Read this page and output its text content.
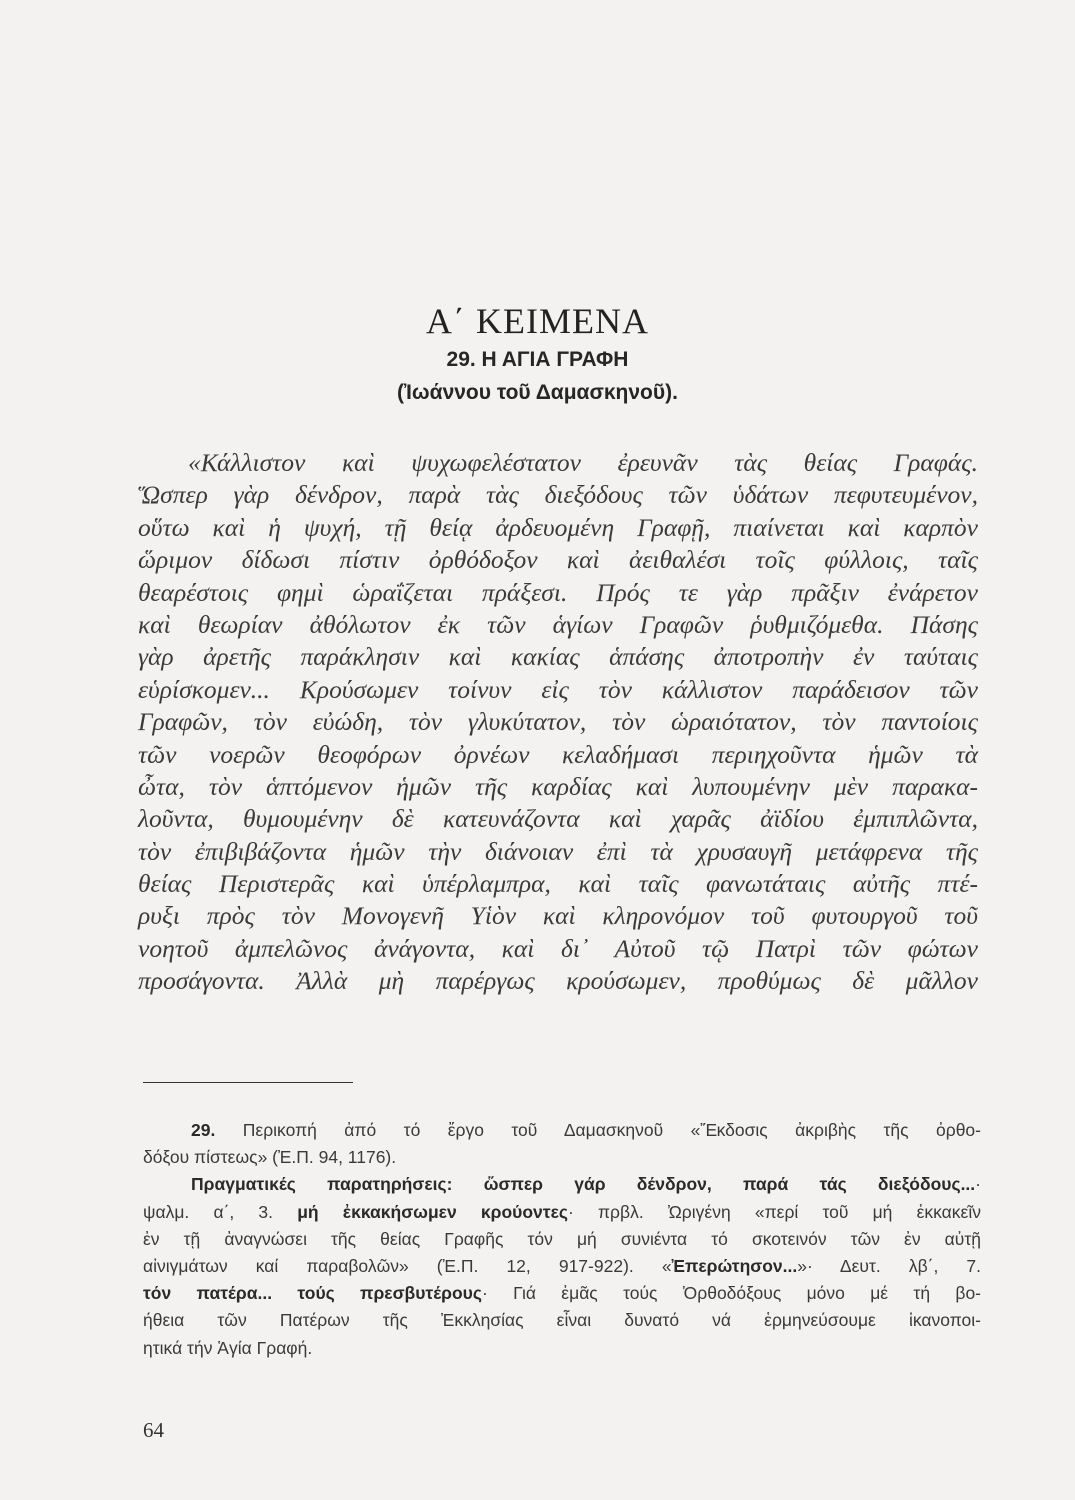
Α΄ ΚΕΙΜΕΝΑ
29. Η ΑΓΙΑ ΓΡΑΦΗ
(Ἰωάννου τοῦ Δαμασκηνοῦ).
«Κάλλιστον καὶ ψυχωφελέστατον ἐρευνᾶν τὰς θείας Γραφάς.
Ὥσπερ γὰρ δένδρον, παρὰ τὰς διεξόδους τῶν ὑδάτων πεφυτευμένον,
οὕτω καὶ ἡ ψυχή, τῇ θείᾳ ἀρδευομένη Γραφῇ, πιαίνεται καὶ καρπὸν
ὥριμον δίδωσι πίστιν ὀρθόδοξον καὶ ἀειθαλέσι τοῖς φύλλοις, ταῖς
θεαρέστοις φημὶ ὡραΐζεται πράξεσι. Πρός τε γὰρ πρᾶξιν ἐνάρετον
καὶ θεωρίαν ἀθόλωτον ἐκ τῶν ἁγίων Γραφῶν ῥυθμιζόμεθα. Πάσης
γὰρ ἀρετῆς παράκλησιν καὶ κακίας ἁπάσης ἀποτροπὴν ἐν ταύταις
εὑρίσκομεν... Κρούσωμεν τοίνυν εἰς τὸν κάλλιστον παράδεισον τῶν
Γραφῶν, τὸν εὐώδη, τὸν γλυκύτατον, τὸν ὡραιότατον, τὸν παντοίοις
τῶν νοερῶν θεοφόρων ὀρνέων κελαδήμασι περιηχοῦντα ἡμῶν τὰ
ὦτα, τὸν ἁπτόμενον ἡμῶν τῆς καρδίας καὶ λυπουμένην μὲν παρακα-
λοῦντα, θυμουμένην δὲ κατευνάζοντα καὶ χαρᾶς ἀϊδίου ἐμπιπλῶντα,
τὸν ἐπιβιβάζοντα ἡμῶν τὴν διάνοιαν ἐπὶ τὰ χρυσαυγῆ μετάφρενα τῆς
θείας Περιστερᾶς καὶ ὑπέρλαμπρα, καὶ ταῖς φανωτάταις αὐτῆς πτέ-
ρυξι πρὸς τὸν Μονογενῆ Υἱὸν καὶ κληρονόμον τοῦ φυτουργοῦ τοῦ
νοητοῦ ἀμπελῶνος ἀνάγοντα, καὶ δι᾽ Αὐτοῦ τῷ Πατρὶ τῶν φώτων
προσάγοντα. Ἀλλὰ μὴ παρέργως κρούσωμεν, προθύμως δὲ μᾶλλον
29. Περικοπή ἀπό τό ἔργο τοῦ Δαμασκηνοῦ «Ἔκδοσις ἀκριβὴς τῆς ὀρθο-
δόξου πίστεως» (Ἐ.Π. 94, 1176).
Πραγματικές παρατηρήσεις: ὥσπερ γάρ δένδρον, παρά τάς διεξόδους...·
ψαλμ. α΄, 3. μή ἐκκακήσωμεν κρούοντες· πρβλ. Ὠριγένη «περί τοῦ μή ἐκκακεῖν
ἐν τῇ ἀναγνώσει τῆς θείας Γραφῆς τόν μή συνιέντα τό σκοτεινόν τῶν ἐν αὐτῇ
αἰνιγμάτων καί παραβολῶν» (Ἐ.Π. 12, 917-922). «Ἐπερώτησον...»· Δευτ. λβ΄, 7.
τόν πατέρα... τούς πρεσβυτέρους· Γιά ἐμᾶς τούς Ὀρθοδόξους μόνο μέ τή βο-
ήθεια τῶν Πατέρων τῆς Ἐκκλησίας εἶναι δυνατό νά ἑρμηνεύσουμε ἱκανοποι-
ητικά τήν Ἁγία Γραφή.
64
